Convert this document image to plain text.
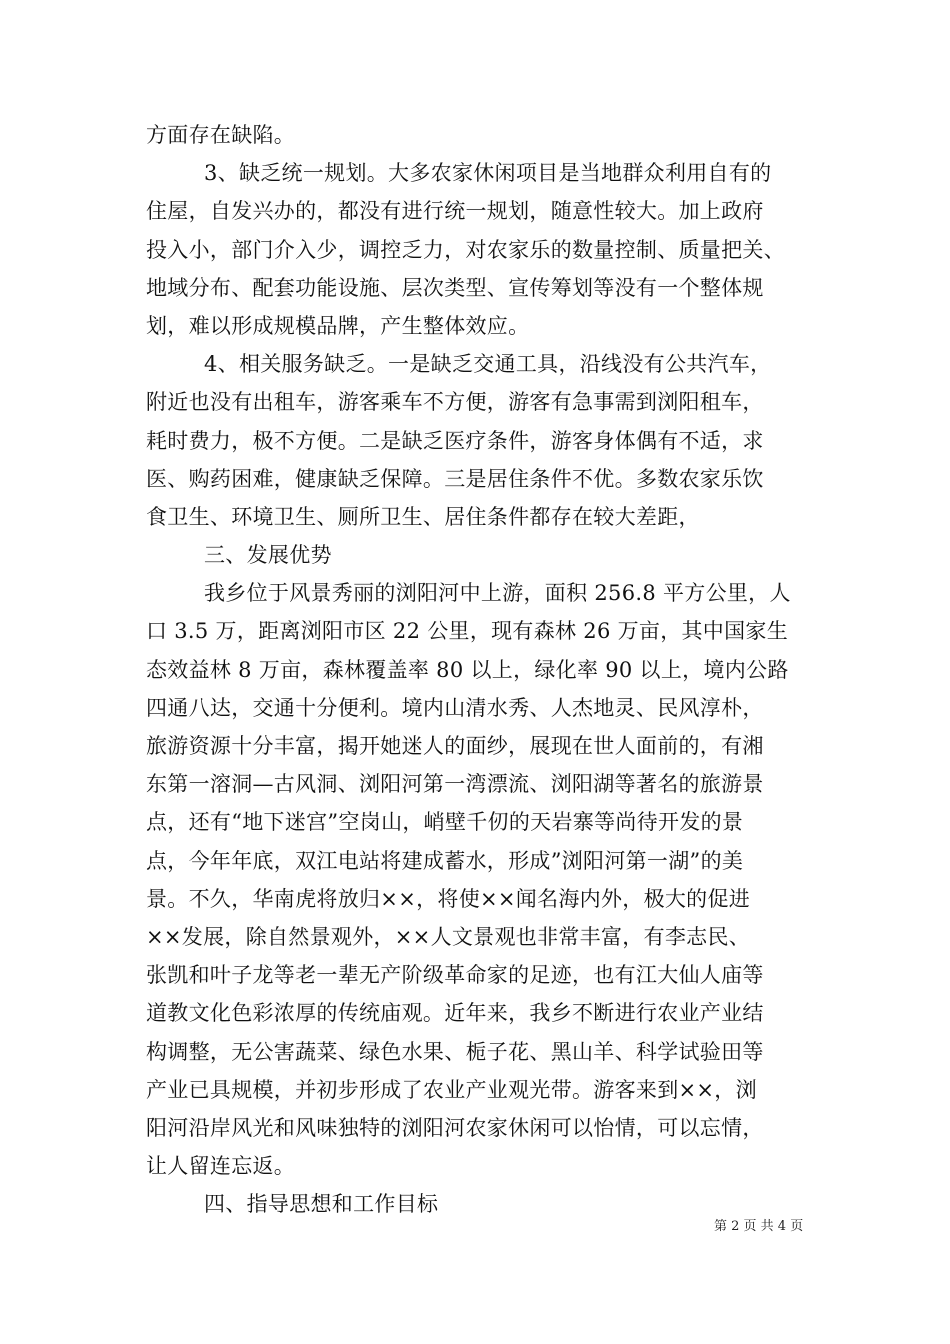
方面存在缺陷。
3、缺乏统一规划。大多农家休闲项目是当地群众利用自有的
住屋，自发兴办的，都没有进行统一规划，随意性较大。加上政府
投入小，部门介入少，调控乏力，对农家乐的数量控制、质量把关、
地域分布、配套功能设施、层次类型、宣传筹划等没有一个整体规
划，难以形成规模品牌，产生整体效应。
4、相关服务缺乏。一是缺乏交通工具，沿线没有公共汽车，
附近也没有出租车，游客乘车不方便，游客有急事需到浏阳租车，
耗时费力，极不方便。二是缺乏医疗条件，游客身体偶有不适，求
医、购药困难，健康缺乏保障。三是居住条件不优。多数农家乐饮
食卫生、环境卫生、厕所卫生、居住条件都存在较大差距，
三、发展优势
我乡位于风景秀丽的浏阳河中上游，面积 256.8 平方公里，人
口 3.5 万，距离浏阳市区 22 公里，现有森林 26 万亩，其中国家生
态效益林 8 万亩，森林覆盖率 80 以上，绿化率 90 以上，境内公路
四通八达，交通十分便利。境内山清水秀、人杰地灵、民风淳朴，
旅游资源十分丰富，揭开她迷人的面纱，展现在世人面前的，有湘
东第一溶洞—古风洞、浏阳河第一湾漂流、浏阳湖等著名的旅游景
点，还有“地下迷宫”空岗山，峭壁千仞的天岩寨等尚待开发的景
点，今年年底，双江电站将建成蓄水，形成”浏阳河第一湖”的美
景。不久，华南虎将放归××，将使××闻名海内外，极大的促进
××发展，除自然景观外，××人文景观也非常丰富，有李志民、
张凯和叶子龙等老一辈无产阶级革命家的足迹，也有江大仙人庙等
道教文化色彩浓厚的传统庙观。近年来，我乡不断进行农业产业结
构调整，无公害蔬菜、绿色水果、栀子花、黑山羊、科学试验田等
产业已具规模，并初步形成了农业产业观光带。游客来到××，浏
阳河沿岸风光和风味独特的浏阳河农家休闲可以怡情，可以忘情，
让人留连忘返。
四、指导思想和工作目标
第 2 页 共 4 页
